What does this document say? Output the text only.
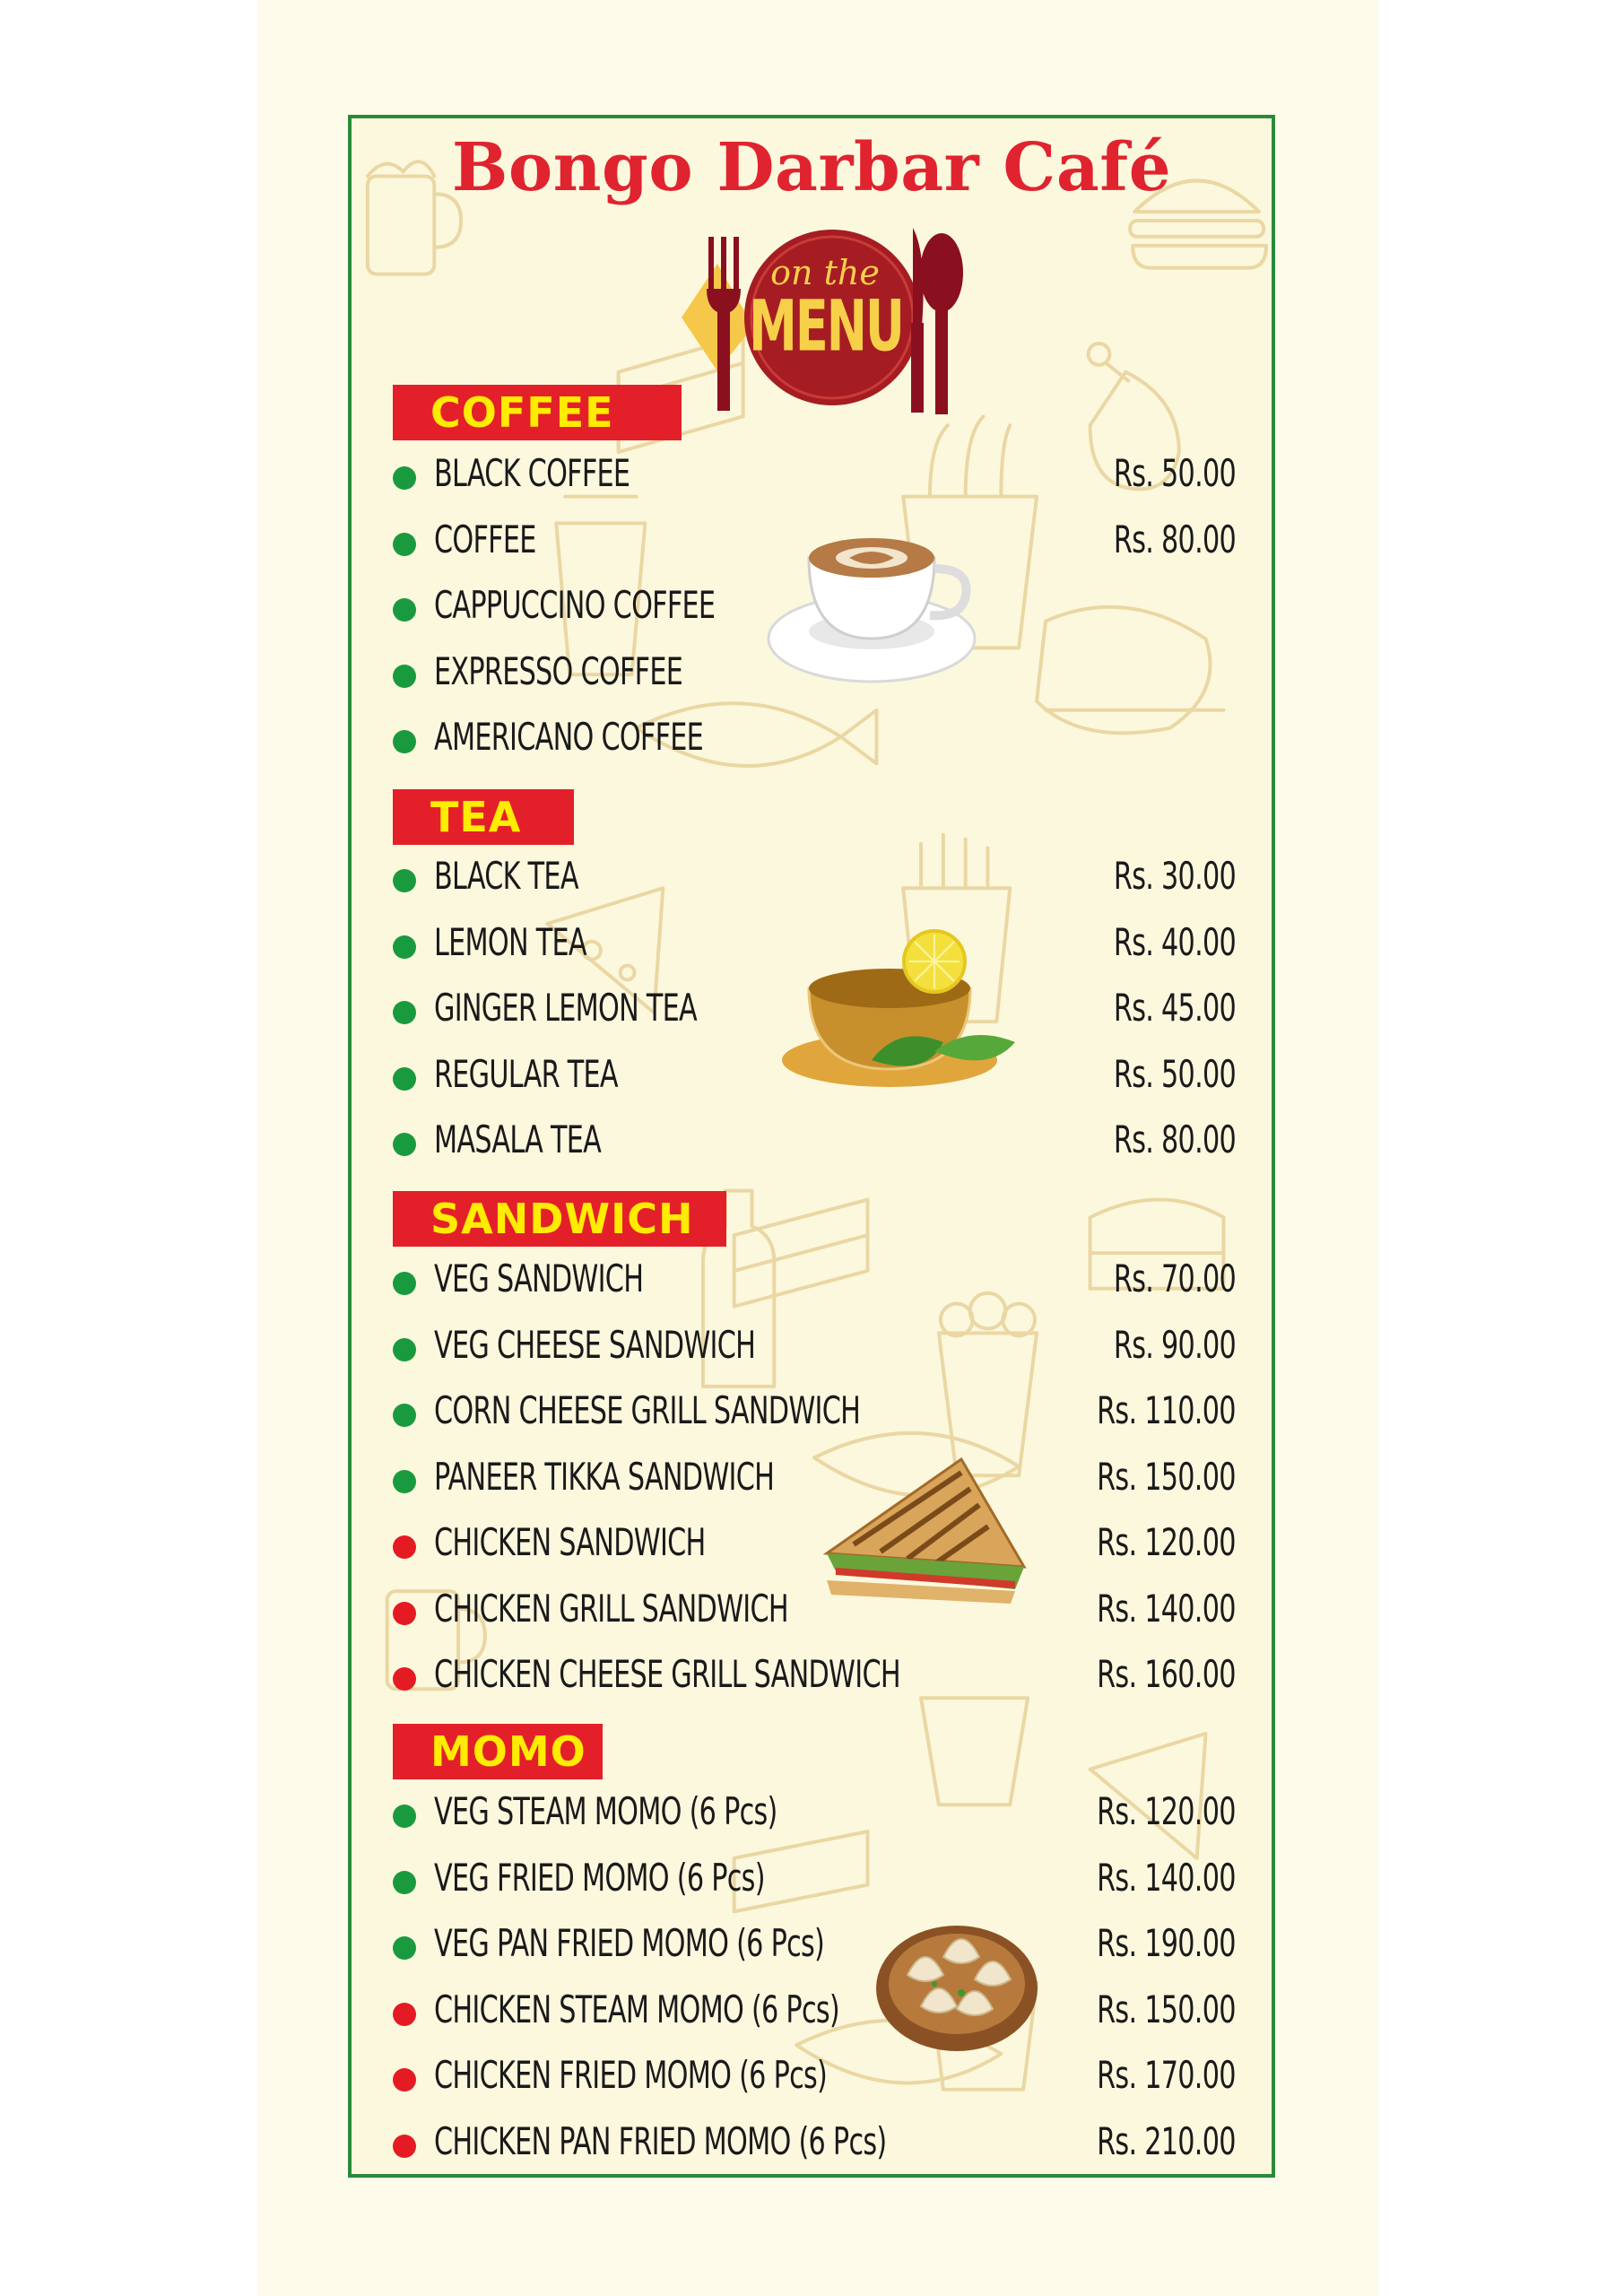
Bongo Darbar Café
on the
MENU
COFFEE
BLACK COFFEE	Rs. 50.00
COFFEE	Rs. 80.00
CAPPUCCINO COFFEE
EXPRESSO COFFEE
AMERICANO COFFEE
TEA
BLACK TEA	Rs. 30.00
LEMON TEA	Rs. 40.00
GINGER LEMON TEA	Rs. 45.00
REGULAR TEA	Rs. 50.00
MASALA TEA	Rs. 80.00
SANDWICH
VEG SANDWICH	Rs. 70.00
VEG CHEESE SANDWICH	Rs. 90.00
CORN CHEESE GRILL SANDWICH	Rs. 110.00
PANEER TIKKA SANDWICH	Rs. 150.00
CHICKEN SANDWICH	Rs. 120.00
CHICKEN GRILL SANDWICH	Rs. 140.00
CHICKEN CHEESE GRILL SANDWICH	Rs. 160.00
MOMO
VEG STEAM MOMO (6 Pcs)	Rs. 120.00
VEG FRIED MOMO (6 Pcs)	Rs. 140.00
VEG PAN FRIED MOMO (6 Pcs)	Rs. 190.00
CHICKEN STEAM MOMO (6 Pcs)	Rs. 150.00
CHICKEN FRIED MOMO (6 Pcs)	Rs. 170.00
CHICKEN PAN FRIED MOMO (6 Pcs)	Rs. 210.00
